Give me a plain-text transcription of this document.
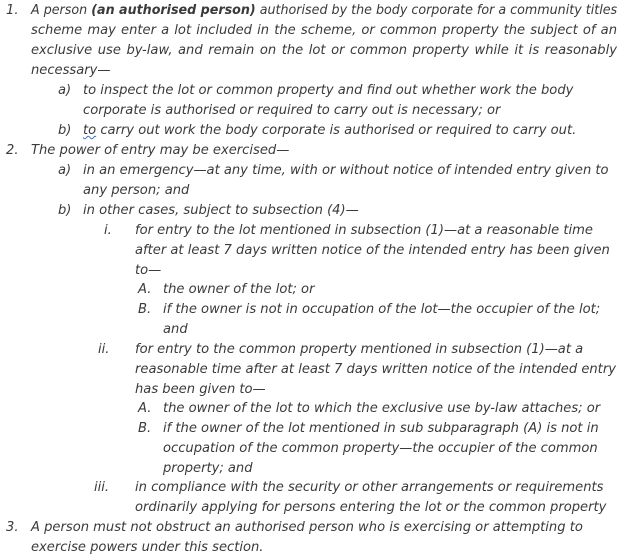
1. A person (an authorised person) authorised by the body corporate for a community titles
scheme may enter a lot included in the scheme, or common property the subject of an
exclusive use by-law, and remain on the lot or common property while it is reasonably
necessary—
a) to inspect the lot or common property and find out whether work the body
corporate is authorised or required to carry out is necessary; or
b) to carry out work the body corporate is authorised or required to carry out.
2. The power of entry may be exercised—
a) in an emergency—at any time, with or without notice of intended entry given to
any person; and
b) in other cases, subject to subsection (4)—
i. for entry to the lot mentioned in subsection (1)—at a reasonable time
after at least 7 days written notice of the intended entry has been given
to—
A. the owner of the lot; or
B. if the owner is not in occupation of the lot—the occupier of the lot;
and
ii. for entry to the common property mentioned in subsection (1)—at a
reasonable time after at least 7 days written notice of the intended entry
has been given to—
A. the owner of the lot to which the exclusive use by-law attaches; or
B. if the owner of the lot mentioned in sub subparagraph (A) is not in
occupation of the common property—the occupier of the common
property; and
iii. in compliance with the security or other arrangements or requirements
ordinarily applying for persons entering the lot or the common property
3. A person must not obstruct an authorised person who is exercising or attempting to
exercise powers under this section.
